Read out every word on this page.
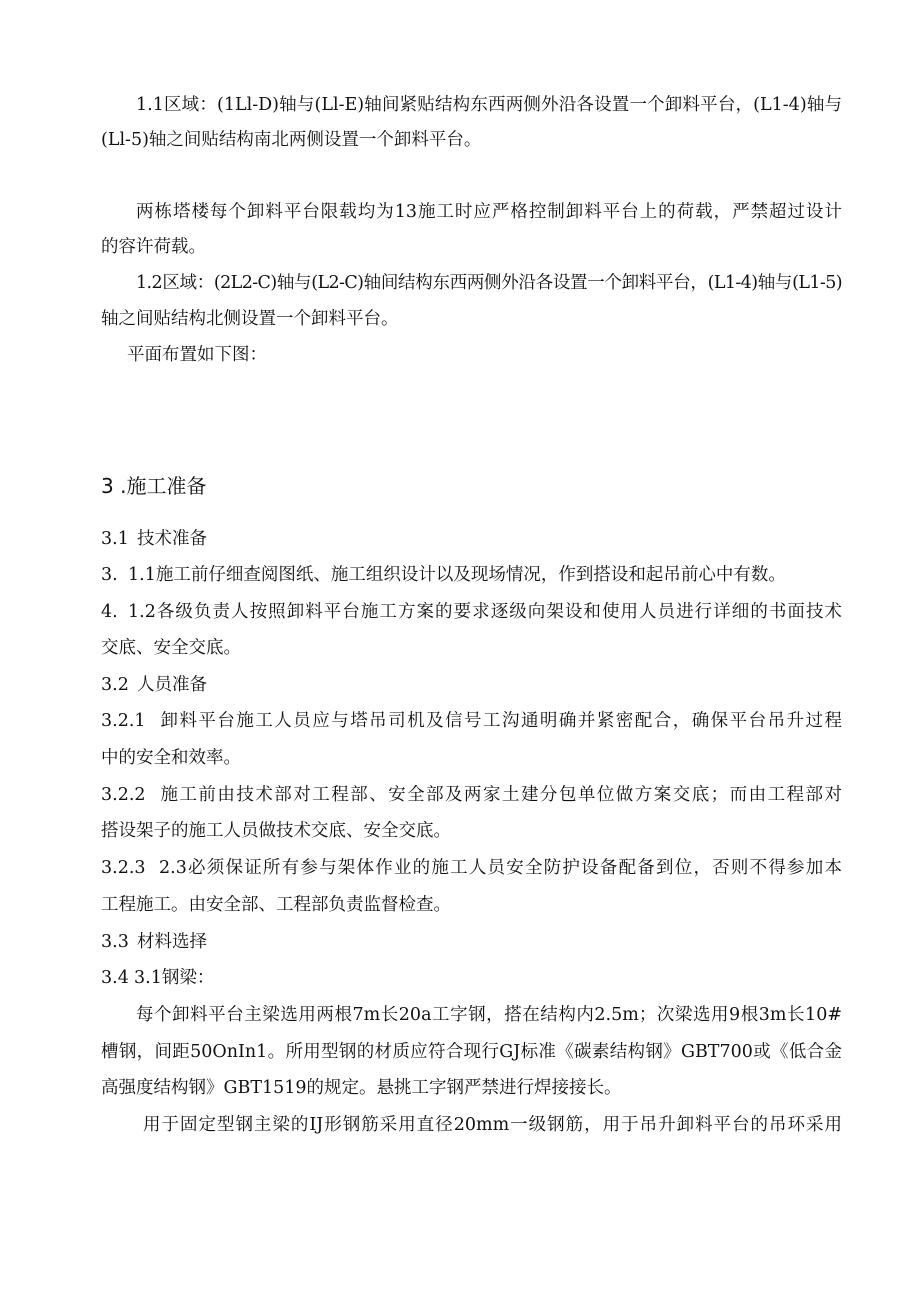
1.1区域：(1Ll-D)轴与(Ll-E)轴间紧贴结构东西两侧外沿各设置一个卸料平台，(L1-4)轴与
(Ll-5)轴之间贴结构南北两侧设置一个卸料平台。
两栋塔楼每个卸料平台限载均为13施工时应严格控制卸料平台上的荷载，严禁超过设计
的容许荷载。
1.2区域：(2L2-C)轴与(L2-C)轴间结构东西两侧外沿各设置一个卸料平台，(L1-4)轴与(L1-5)
轴之间贴结构北侧设置一个卸料平台。
平面布置如下图：
3 .施工准备
3.1 技术准备
3. 1.1施工前仔细查阅图纸、施工组织设计以及现场情况，作到搭设和起吊前心中有数。
4. 1.2各级负责人按照卸料平台施工方案的要求逐级向架设和使用人员进行详细的书面技术
交底、安全交底。
3.2 人员准备
3.2.1 卸料平台施工人员应与塔吊司机及信号工沟通明确并紧密配合，确保平台吊升过程
中的安全和效率。
3.2.2 施工前由技术部对工程部、安全部及两家土建分包单位做方案交底；而由工程部对
搭设架子的施工人员做技术交底、安全交底。
3.2.3 2.3必须保证所有参与架体作业的施工人员安全防护设备配备到位，否则不得参加本
工程施工。由安全部、工程部负责监督检查。
3.3 材料选择
3.4 3.1钢梁：
每个卸料平台主梁选用两根7m长20a工字钢，搭在结构内2.5m；次梁选用9根3m长10#
槽钢，间距50OnIn1。所用型钢的材质应符合现行GJ标准《碳素结构钢》GBT700或《低合金
高强度结构钢》GBT1519的规定。悬挑工字钢严禁进行焊接接长。
用于固定型钢主梁的IJ形钢筋采用直径20mm一级钢筋，用于吊升卸料平台的吊环采用
